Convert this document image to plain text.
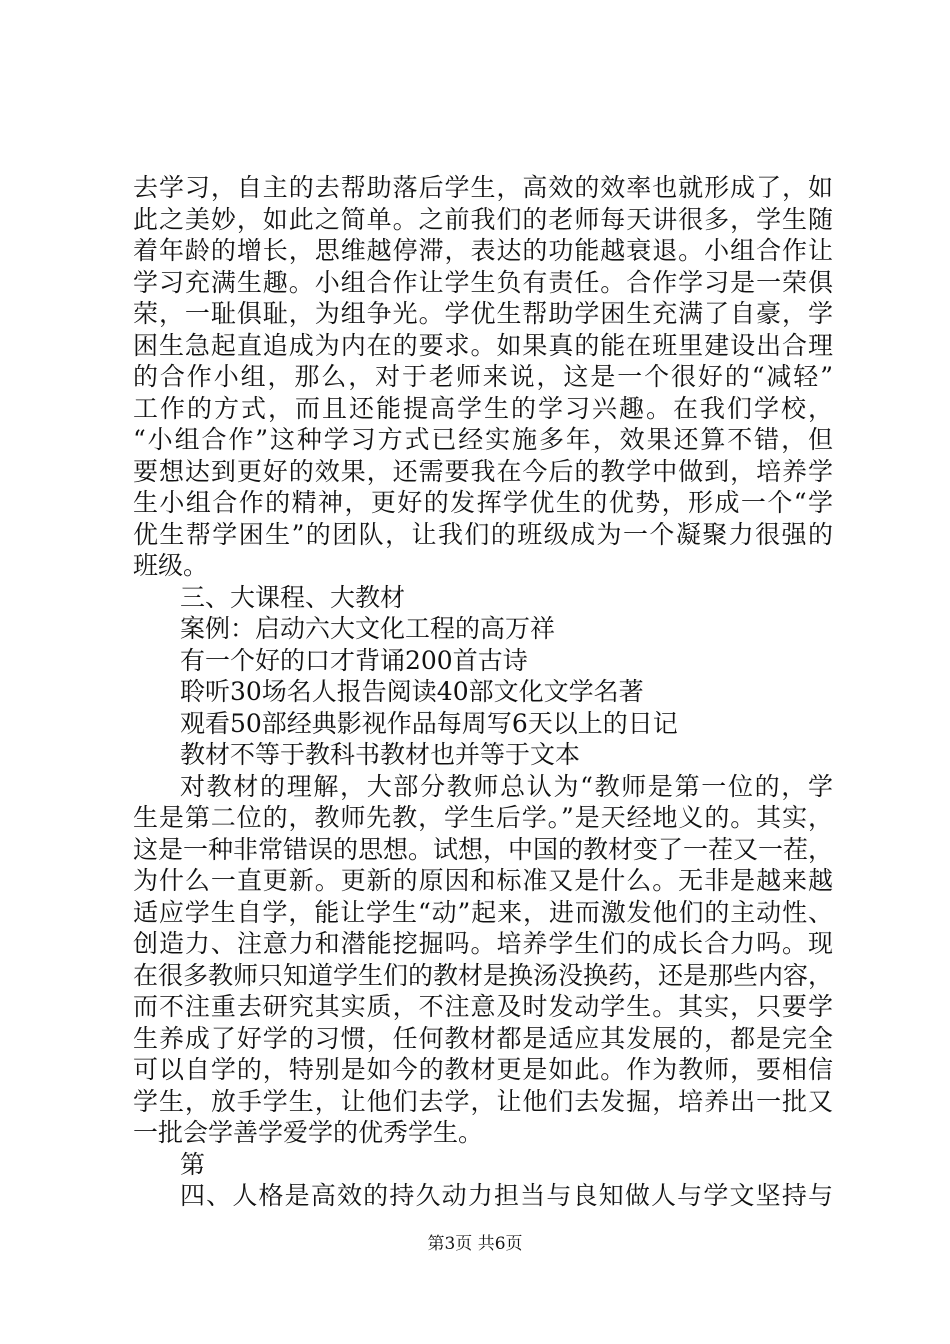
去学习，自主的去帮助落后学生，高效的效率也就形成了，如
此之美妙，如此之简单。之前我们的老师每天讲很多，学生随
着年龄的增长，思维越停滞，表达的功能越衰退。小组合作让
学习充满生趣。小组合作让学生负有责任。合作学习是一荣俱
荣，一耻俱耻，为组争光。学优生帮助学困生充满了自豪，学
困生急起直追成为内在的要求。如果真的能在班里建设出合理
的合作小组，那么，对于老师来说，这是一个很好的“减轻”
工作的方式，而且还能提高学生的学习兴趣。在我们学校，
“小组合作”这种学习方式已经实施多年，效果还算不错，但
要想达到更好的效果，还需要我在今后的教学中做到，培养学
生小组合作的精神，更好的发挥学优生的优势，形成一个“学
优生帮学困生”的团队，让我们的班级成为一个凝聚力很强的
班级。
三、大课程、大教材
案例：启动六大文化工程的高万祥
有一个好的口才背诵200首古诗
聆听30场名人报告阅读40部文化文学名著
观看50部经典影视作品每周写6天以上的日记
教材不等于教科书教材也并等于文本
对教材的理解，大部分教师总认为“教师是第一位的，学
生是第二位的，教师先教，学生后学。”是天经地义的。其实，
这是一种非常错误的思想。试想，中国的教材变了一茬又一茬，
为什么一直更新。更新的原因和标准又是什么。无非是越来越
适应学生自学，能让学生“动”起来，进而激发他们的主动性、
创造力、注意力和潜能挖掘吗。培养学生们的成长合力吗。现
在很多教师只知道学生们的教材是换汤没换药，还是那些内容，
而不注重去研究其实质，不注意及时发动学生。其实，只要学
生养成了好学的习惯，任何教材都是适应其发展的，都是完全
可以自学的，特别是如今的教材更是如此。作为教师，要相信
学生，放手学生，让他们去学，让他们去发掘，培养出一批又
一批会学善学爱学的优秀学生。
第
四、人格是高效的持久动力担当与良知做人与学文坚持与
第3页 共6页
